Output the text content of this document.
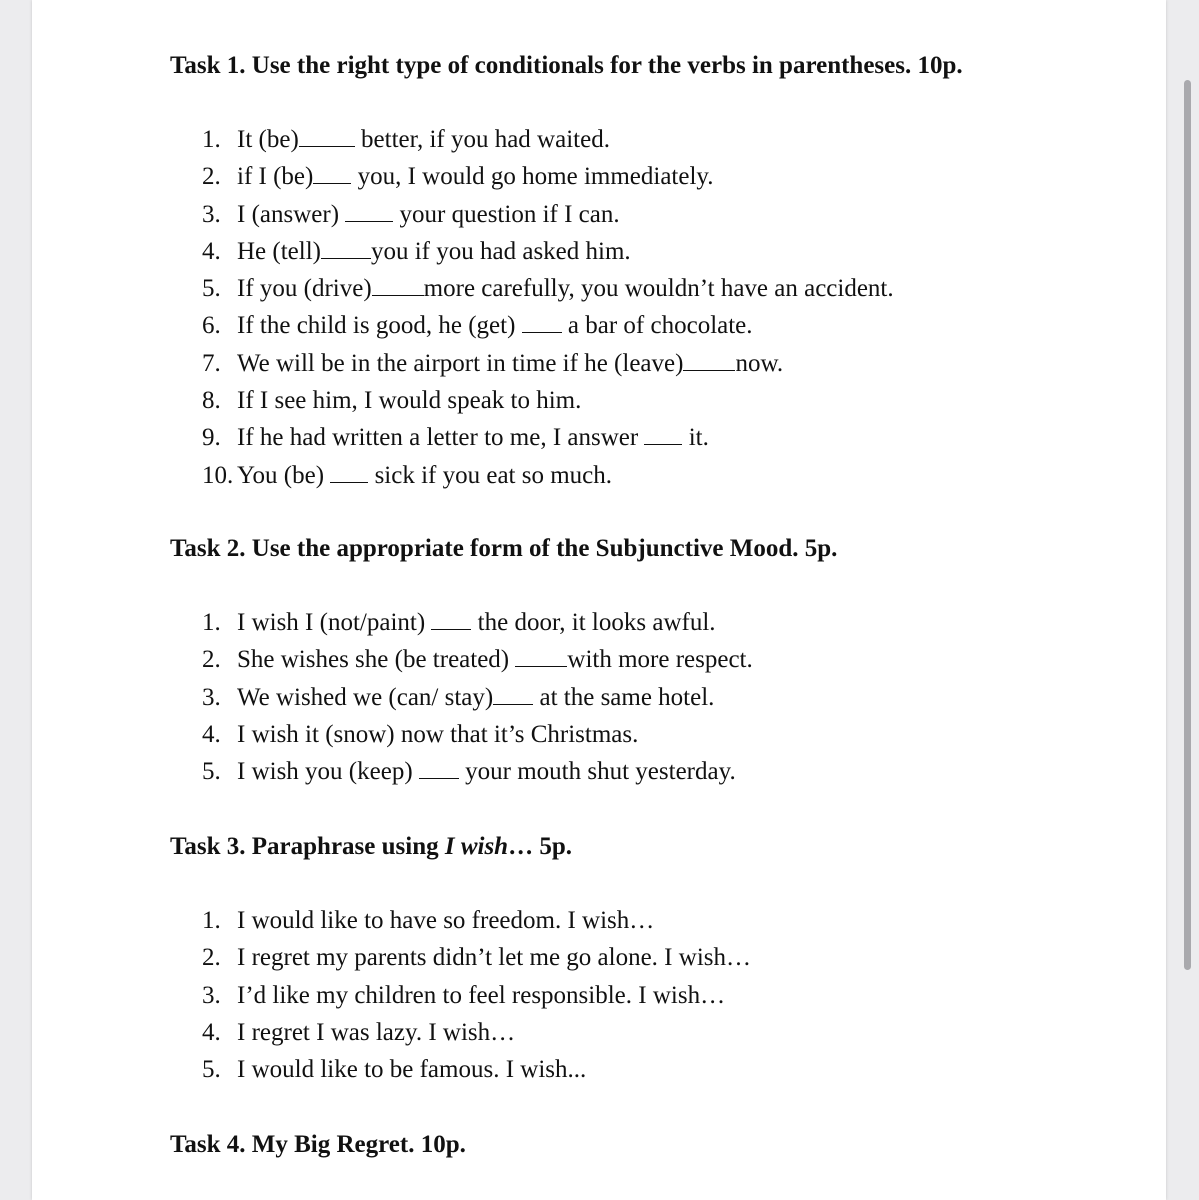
Task 1. Use the right type of conditionals for the verbs in parentheses. 10p.
1. It (be) better, if you had waited.
2. if I (be) you, I would go home immediately.
3. I (answer)  your question if I can.
4. He (tell) you if you had asked him.
5. If you (drive) more carefully, you wouldn’t have an accident.
6. If the child is good, he (get)  a bar of chocolate.
7. We will be in the airport in time if he (leave) now.
8. If I see him, I would speak to him.
9. If he had written a letter to me, I answer  it.
10. You (be)  sick if you eat so much.
Task 2. Use the appropriate form of the Subjunctive Mood. 5p.
1. I wish I (not/paint)  the door, it looks awful.
2. She wishes she (be treated) with more respect.
3. We wished we (can/ stay) at the same hotel.
4. I wish it (snow) now that it’s Christmas.
5. I wish you (keep)  your mouth shut yesterday.
Task 3. Paraphrase using I wish… 5p.
1. I would like to have so freedom. I wish…
2. I regret my parents didn’t let me go alone. I wish…
3. I’d like my children to feel responsible. I wish…
4. I regret I was lazy. I wish…
5. I would like to be famous. I wish...
Task 4. My Big Regret. 10p.
